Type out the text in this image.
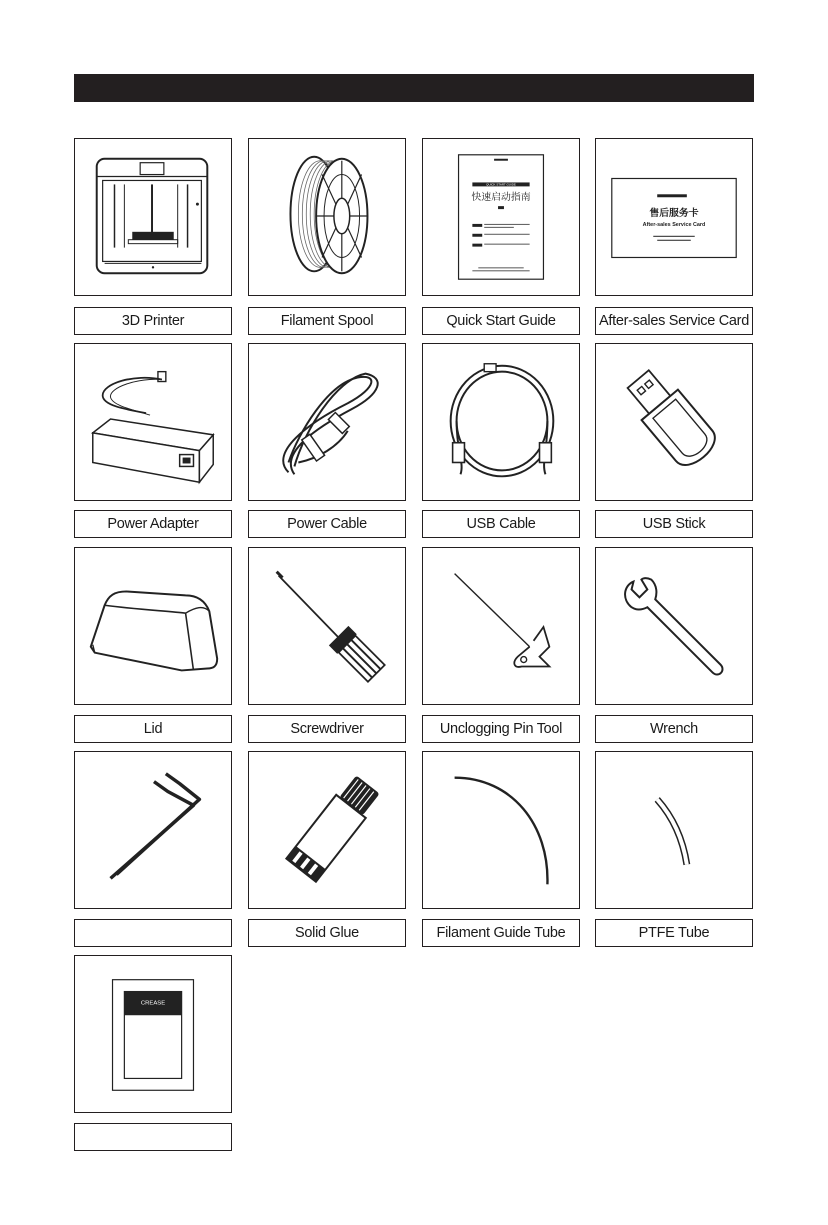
QUICK START GUIDE
快速启动指南
售后服务卡
After-sales Service Card
3D Printer	Filament Spool	Quick Start Guide	After-sales Service Card
Power Adapter	Power Cable	USB Cable	USB Stick
Lid	Screwdriver	Unclogging Pin Tool	Wrench
Solid Glue	Filament Guide Tube	PTFE Tube
CREASE
